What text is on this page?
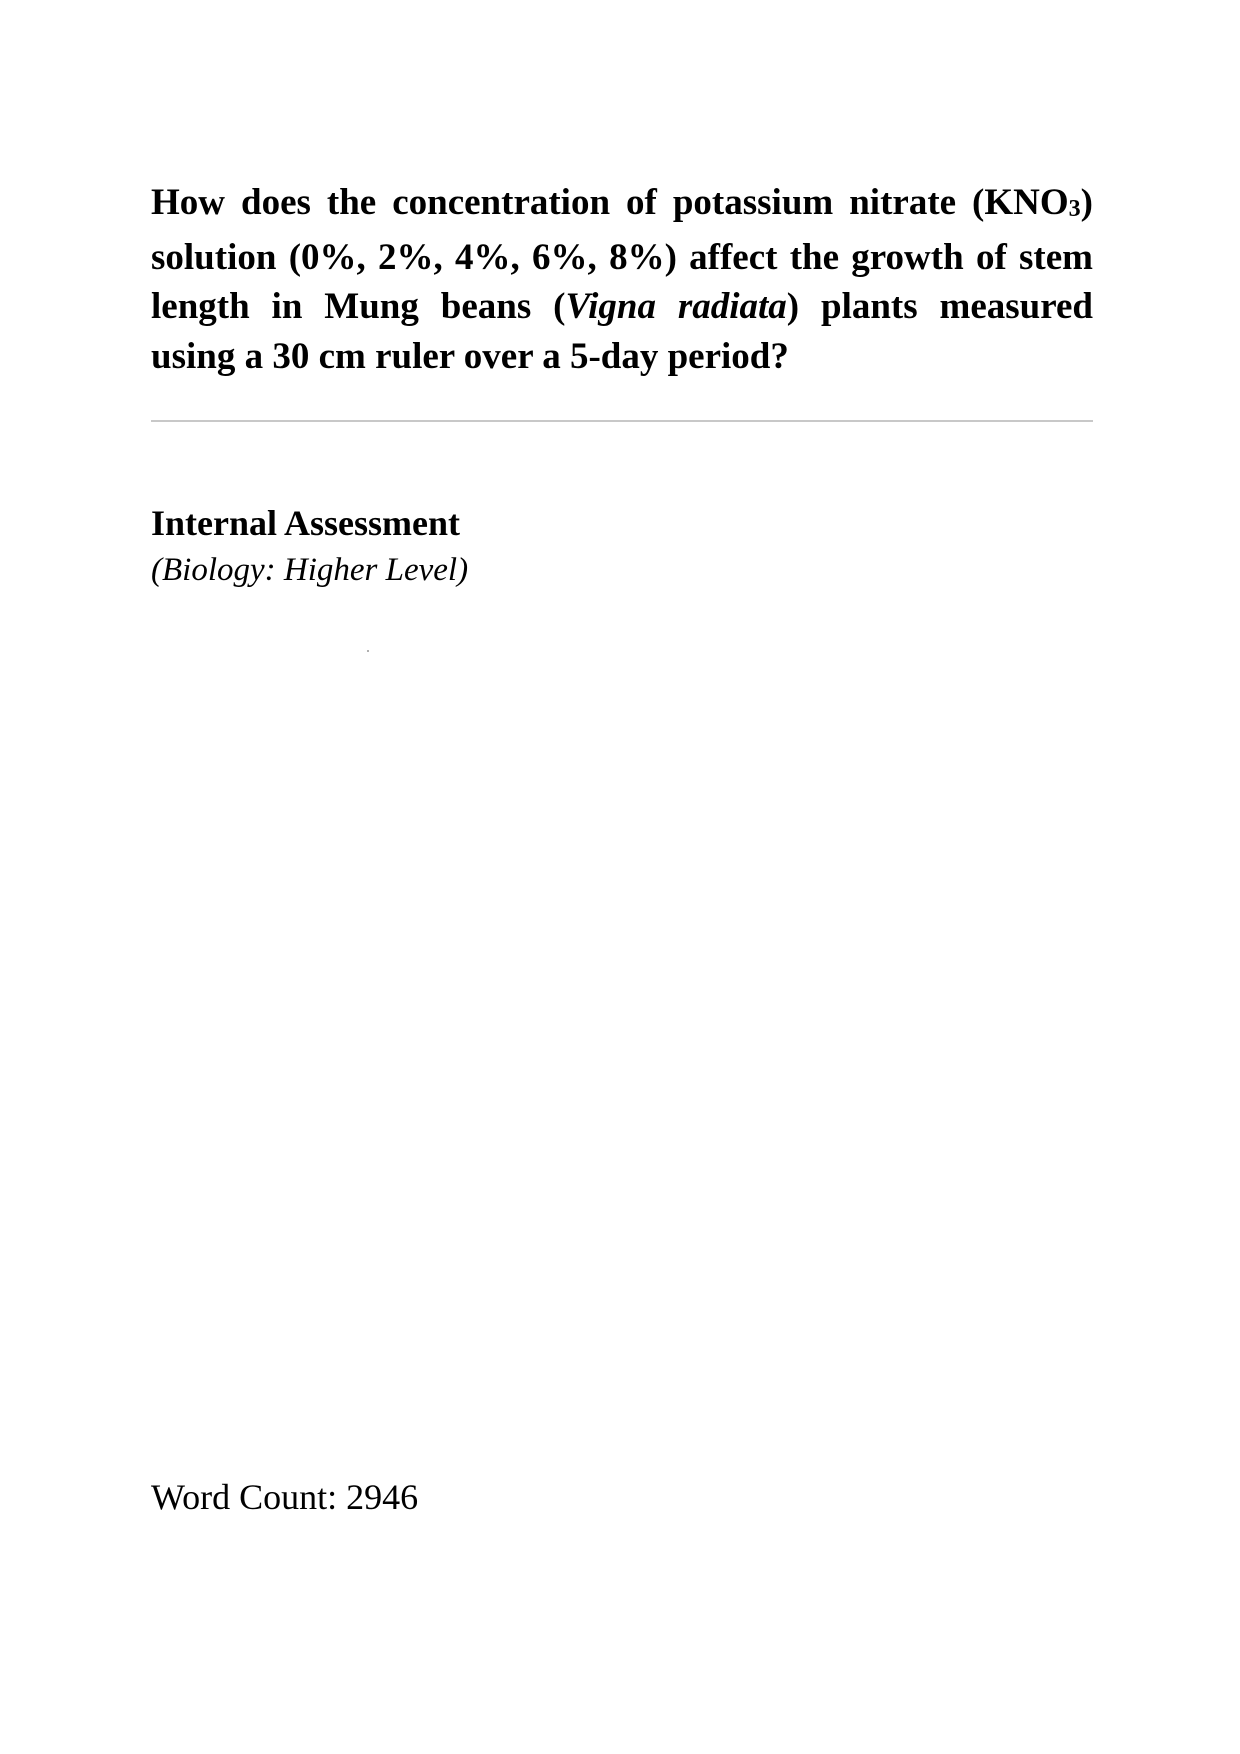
How does the concentration of potassium nitrate $(KNO_3)$ solution (0%, 2%, 4%, 6%, 8%) affect the growth of stem length in Mung beans (Vigna radiata) plants measured using a 30 cm ruler over a 5-day period?
Internal Assessment

(Biology: Higher Level)

Word Count: 2946
